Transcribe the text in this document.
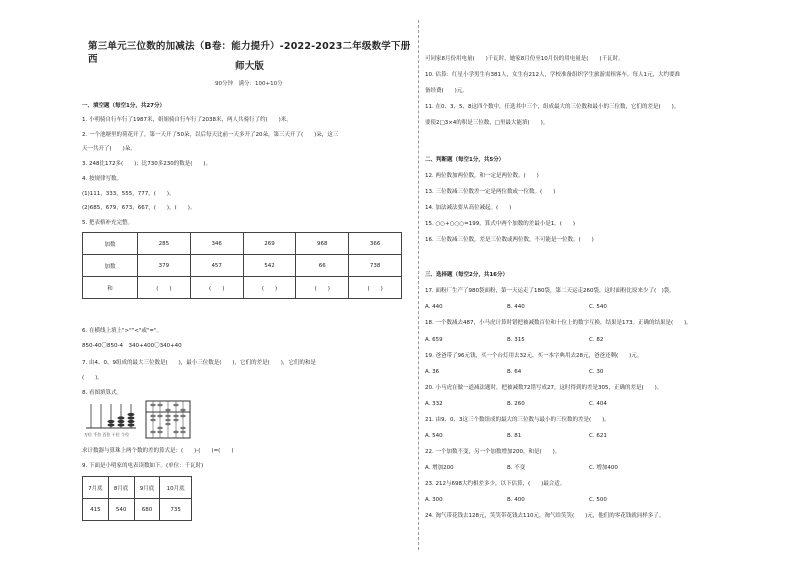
第三单元三位数的加减法（B卷：能力提升）-2022-2023二年级数学下册西
师大版
90分钟　满分：100+10分
一、填空题（每空1分，共27分）
1. 小明骑自行车行了1987米，姐姐骑自行车行了2038米，两人共骑行了约(　　)米。
2. 一个池塘里的荷花开了，第一天开了50朵，以后每天比前一天多开了20朵，第三天开了(　　)朵，这三
天一共开了(　　)朵。
3. 248比172多(　　)；比730多230的数是(　　)。
4. 按规律写数。
(1)111，333，555，777，(　　)。
(2)685，679，673，667，(　　)，(　　)。
5. 把表格补充完整。
加数	285	346	269	968	366
加数	379	457	542	66	738
和	(　　)	(　　)	(　　)	(　　)	(　　)
6. 在横线上填上">""<"或"="。
850-40〇850-4　340+400〇340+40
7. 由4、0、9组成的最大三位数是(　　)，最小三位数是(　　)，它们的差是(　　)，它们的和是
(　　)。
8. 看图填算式。
万位 千位 百位 十位 个位
求计数器与算珠上两个数的差的算式是：(　　)-(　　)=(　　)
9. 下面是小明家的电表读数如下。(单位：千瓦时)
7月底	8月底	9月底	10月底
415	540	680	735
可同家8月份用电量(　　)千瓦时，她家8月份至10月份的用电量是(　　)千瓦时。
10. 估算：红星小学男生有381人，女生有212人，学校准备组织学生旅游需租客车，每人1元，大约要准
备经费(　　)元。
11. 在0、3、5、8这四个数中，任选其中三个，组成最大的三位数和最小的三位数，它们的差是(　　)。
要使2□3×4的积是三位数，□里最大能填(　　)。
二、判断题（每空1分，共5分）
12. 两位数加两位数，和一定是两位数。(　　)
13. 三位数减三位数差一定是两位数或一位数。(　　)
14. 加法减法要从高位减起。(　　)
15. ○○+○○○=199，算式中两个加数的差最小是1。(　　)
16. 三位数减三位数，差是三位数或两位数，不可能是一位数。(　　)
三、选择题（每空2分，共16分）
17. 面粉厂生产了980袋面粉，第一天运走了180袋，第二天运走260袋，这时面粉比原来少了(　)袋。
A. 440	B. 440	C. 540
18. 一个数减去487，小马虎计算时错把被减数百位和十位上的数字互换，结果是173。正确的结果是(　　)。
A. 659	B. 315	C. 82
19. 爸爸带了96元钱，买一个台灯用去32元，买一本字典用去28元，爸爸还剩(　　)元。
A. 36	B. 64	C. 30
20. 小马虎在做一道减法题时，把被减数72错写成27，这时得到的差是305，正确的差是(　　)。
A. 332	B. 260	C. 404
21. 由9、0、3这三个数组成的最大的三位数与最小的三位数的差是(　　)。
A. 540	B. 81	C. 621
22. 一个加数不变，另一个加数增加200，和是(　　)。
A. 增加200	B. 不变	C. 增加400
23. 212与698大约相差多少，以下估算，(　　)最合适。
A. 300	B. 400	C. 500
24. 淘气带花钱去128元，笑笑带花钱去110元，淘气给笑笑(　　)元，他们的零花钱就同样多了。
